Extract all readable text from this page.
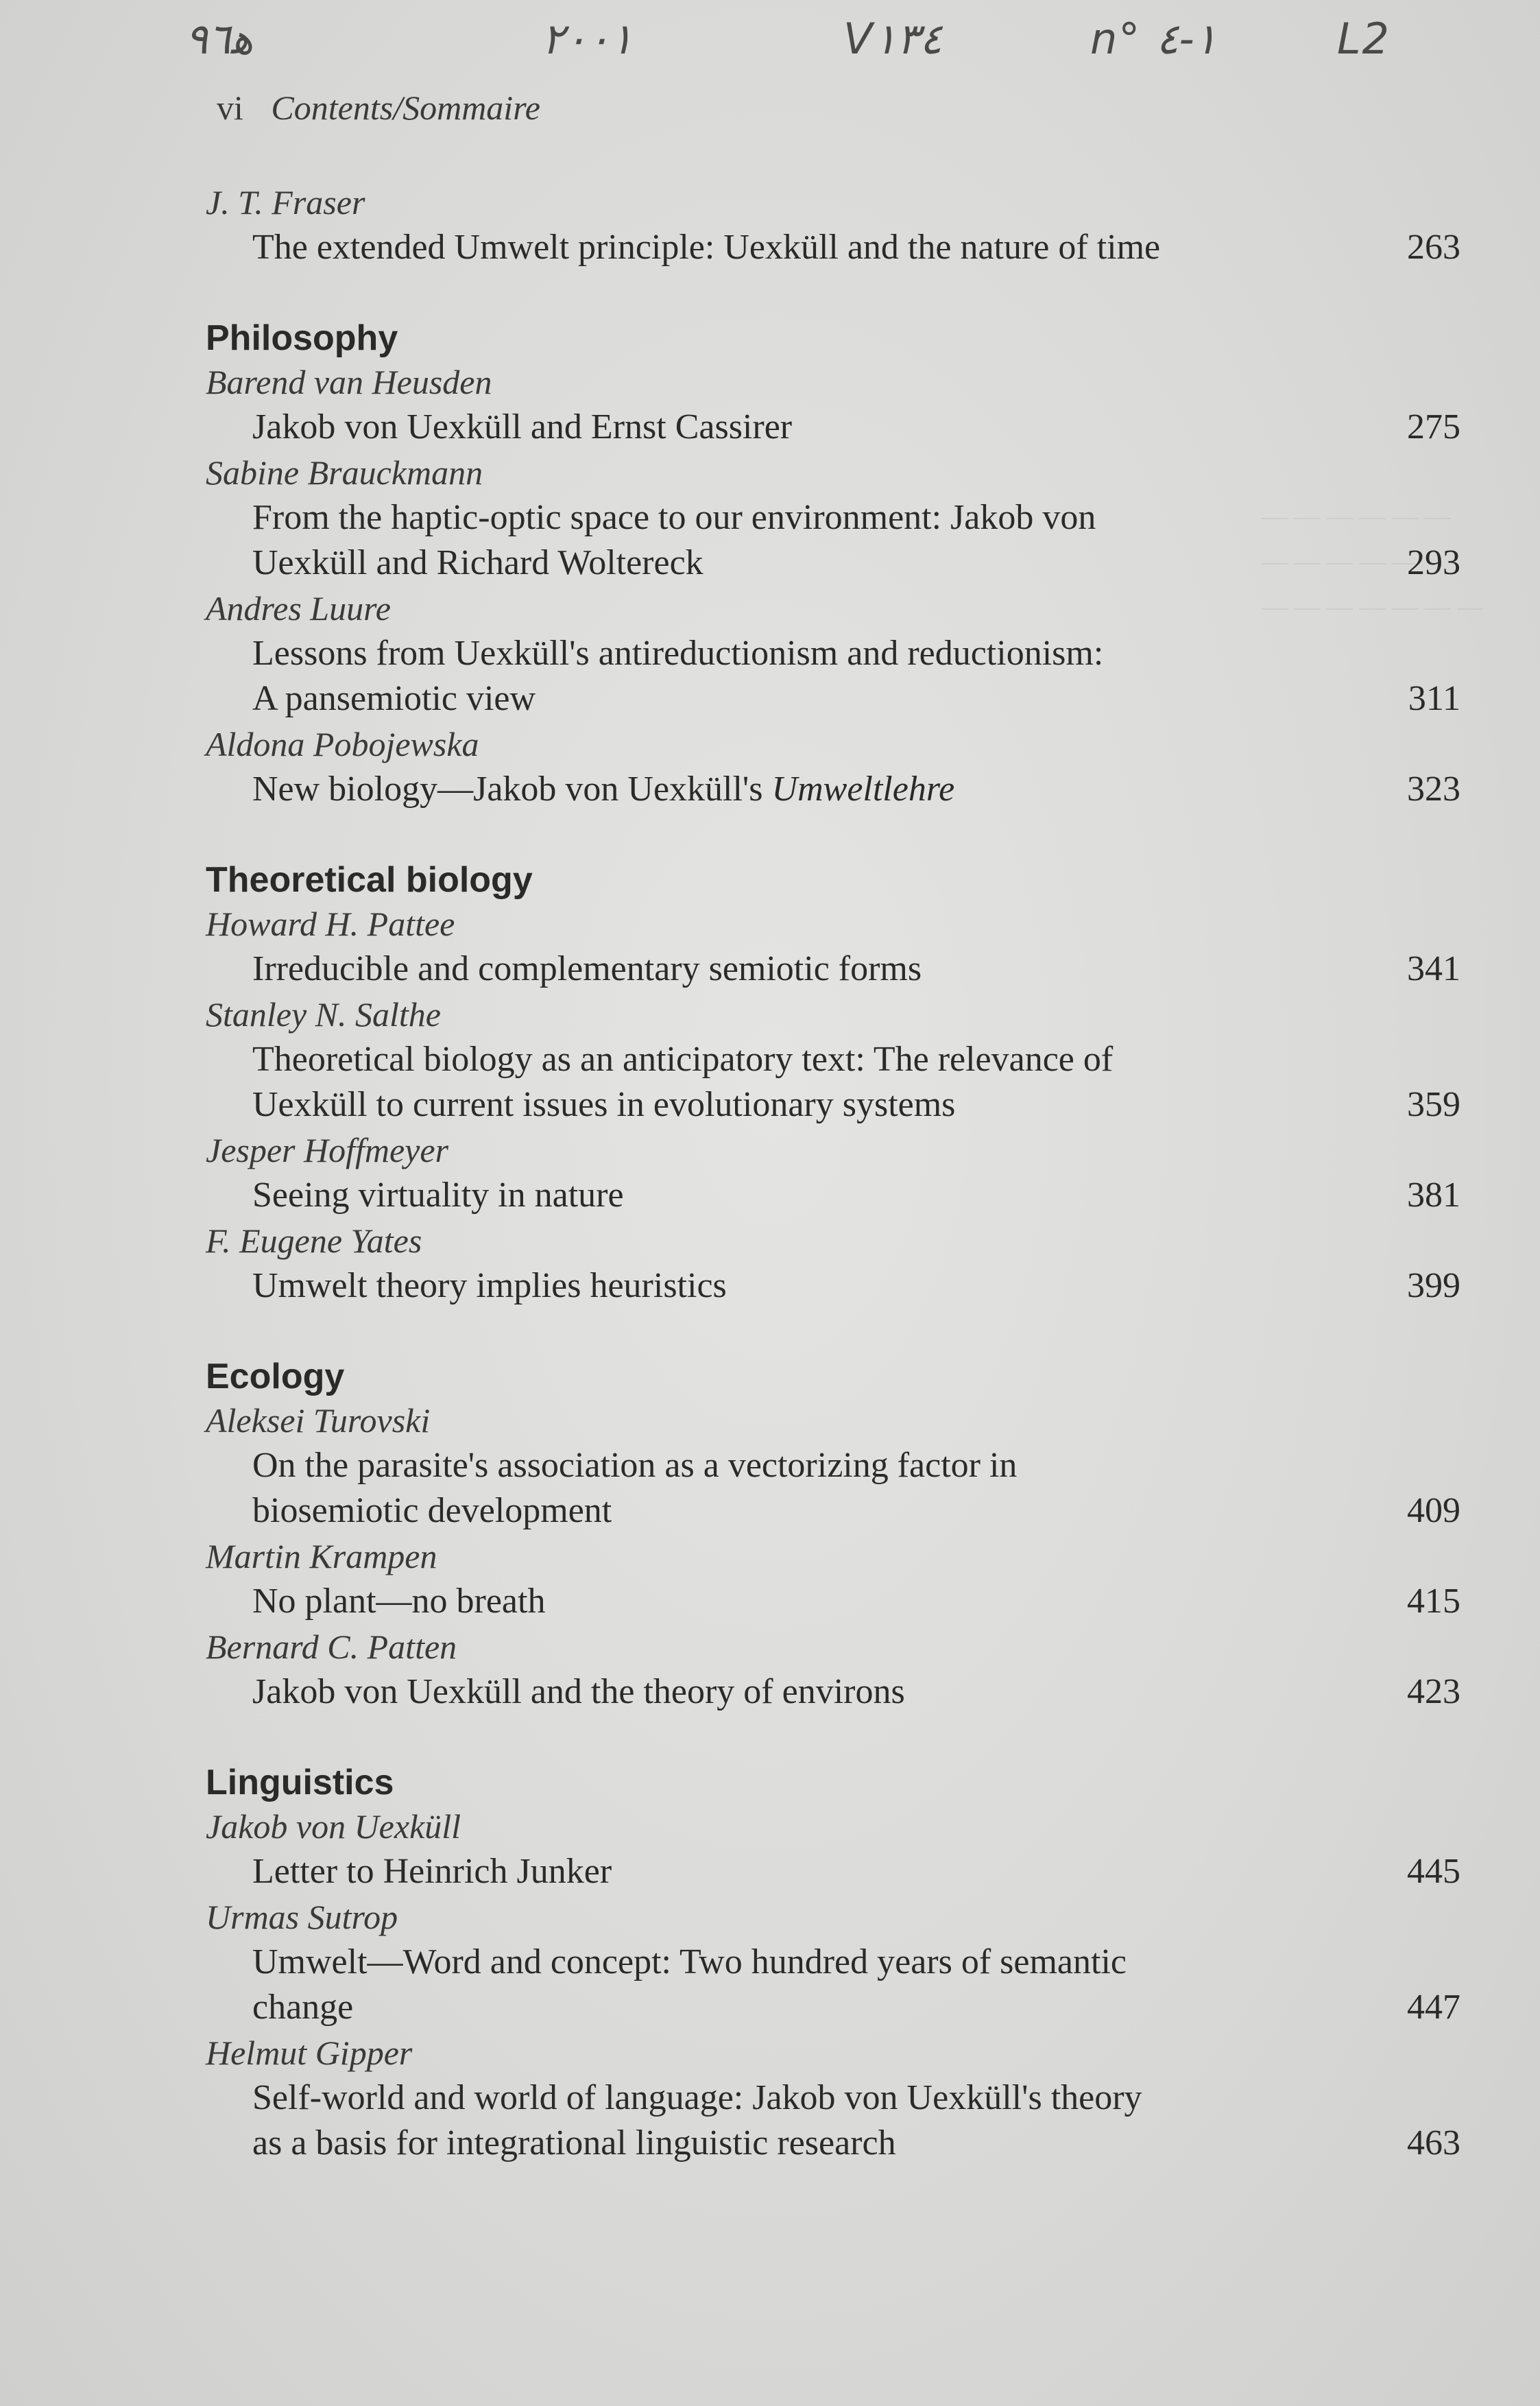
ﻫ٩٦	٢٠٠١	V١٣٤	n° ١-٤	L2
vi Contents/Sommaire
— — — — — —
— — — — —
— — — — — — —
J. T. Fraser
The extended Umwelt principle: Uexküll and the nature of time	263
Philosophy
Barend van Heusden
Jakob von Uexküll and Ernst Cassirer	275
Sabine Brauckmann
From the haptic-optic space to our environment: Jakob von
Uexküll and Richard Woltereck	293
Andres Luure
Lessons from Uexküll's antireductionism and reductionism:
A pansemiotic view	311
Aldona Pobojewska
New biology—Jakob von Uexküll's Umweltlehre	323
Theoretical biology
Howard H. Pattee
Irreducible and complementary semiotic forms	341
Stanley N. Salthe
Theoretical biology as an anticipatory text: The relevance of
Uexküll to current issues in evolutionary systems	359
Jesper Hoffmeyer
Seeing virtuality in nature	381
F. Eugene Yates
Umwelt theory implies heuristics	399
Ecology
Aleksei Turovski
On the parasite's association as a vectorizing factor in
biosemiotic development	409
Martin Krampen
No plant—no breath	415
Bernard C. Patten
Jakob von Uexküll and the theory of environs	423
Linguistics
Jakob von Uexküll
Letter to Heinrich Junker	445
Urmas Sutrop
Umwelt—Word and concept: Two hundred years of semantic
change	447
Helmut Gipper
Self-world and world of language: Jakob von Uexküll's theory
as a basis for integrational linguistic research	463
